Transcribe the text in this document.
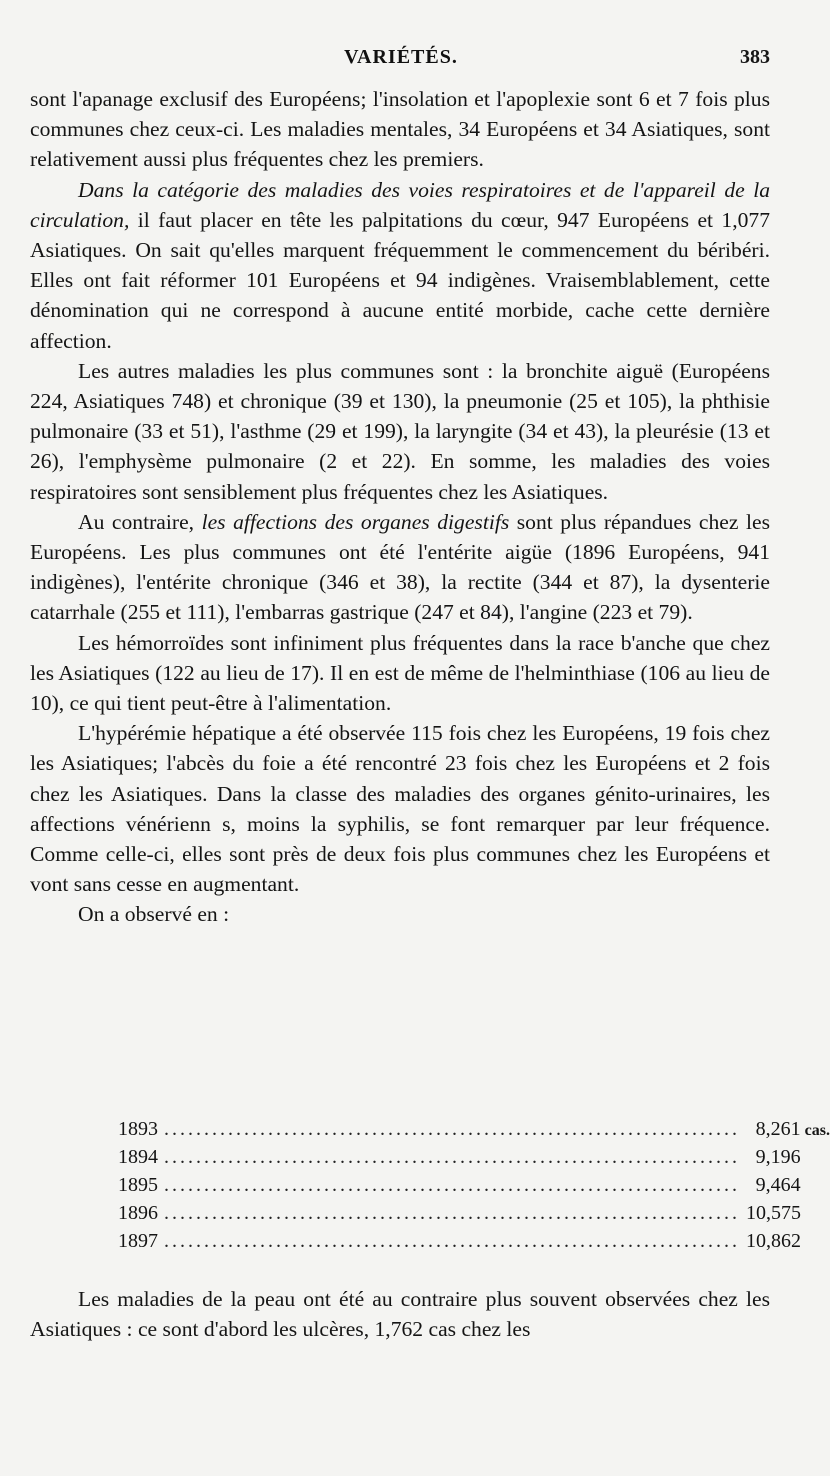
VARIÉTÉS.	383

sont l'apanage exclusif des Européens; l'insolation et l'apoplexie sont 6 et 7 fois plus communes chez ceux-ci. Les maladies mentales, 34 Européens et 34 Asiatiques, sont relativement aussi plus fréquentes chez les premiers.

Dans la catégorie des maladies des voies respiratoires et de l'appareil de la circulation, il faut placer en tête les palpitations du cœur, 947 Européens et 1,077 Asiatiques. On sait qu'elles marquent fréquemment le commencement du béribéri. Elles ont fait réformer 101 Européens et 94 indigènes. Vraisemblablement, cette dénomination qui ne correspond à aucune entité morbide, cache cette dernière affection.

Les autres maladies les plus communes sont : la bronchite aiguë (Européens 224, Asiatiques 748) et chronique (39 et 130), la pneumonie (25 et 105), la phthisie pulmonaire (33 et 51), l'asthme (29 et 199), la laryngite (34 et 43), la pleurésie (13 et 26), l'emphysème pulmonaire (2 et 22). En somme, les maladies des voies respiratoires sont sensiblement plus fréquentes chez les Asiatiques.

Au contraire, les affections des organes digestifs sont plus répandues chez les Européens. Les plus communes ont été l'entérite aigüe (1896 Européens, 941 indigènes), l'entérite chronique (346 et 38), la rectite (344 et 87), la dysenterie catarrhale (255 et 111), l'embarras gastrique (247 et 84), l'angine (223 et 79).

Les hémorroïdes sont infiniment plus fréquentes dans la race b'anche que chez les Asiatiques (122 au lieu de 17). Il en est de même de l'helminthiase (106 au lieu de 10), ce qui tient peut-être à l'alimentation.

L'hypérémie hépatique a été observée 115 fois chez les Européens, 19 fois chez les Asiatiques; l'abcès du foie a été rencontré 23 fois chez les Européens et 2 fois chez les Asiatiques. Dans la classe des maladies des organes génito-urinaires, les affections vénérienn s, moins la syphilis, se font remarquer par leur fréquence. Comme celle-ci, elles sont près de deux fois plus communes chez les Européens et vont sans cesse en augmentant.

On a observé en :

1893 ........................................................................ 8,261 cas.
1894 ........................................................................ 9,196
1895 ........................................................................ 9,464
1896 ........................................................................ 10,575
1897 ........................................................................ 10,862

Les maladies de la peau ont été au contraire plus souvent observées chez les Asiatiques : ce sont d'abord les ulcères, 1,762 cas chez les
